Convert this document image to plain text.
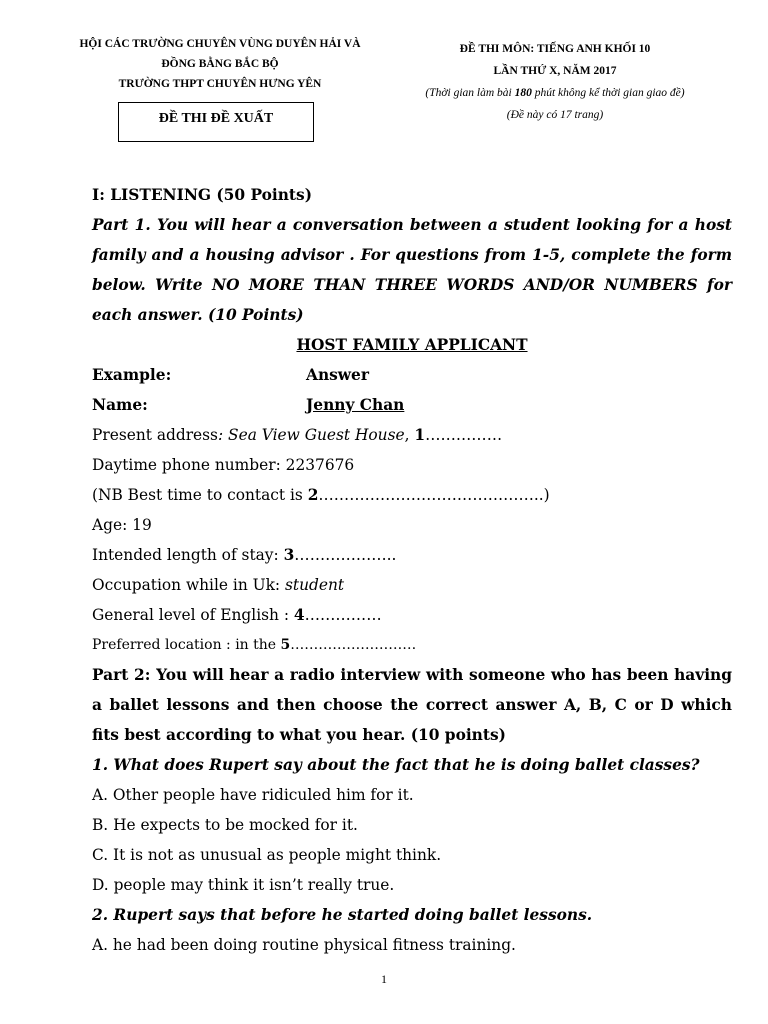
HỘI CÁC TRƯỜNG CHUYÊN VÙNG DUYÊN HẢI VÀ
ĐỒNG BẰNG BẮC BỘ
TRƯỜNG THPT CHUYÊN HƯNG YÊN
ĐỀ THI ĐỀ XUẤT
ĐỀ THI MÔN: TIẾNG ANH KHỐI 10
LẦN THỨ X, NĂM 2017
(Thời gian làm bài 180 phút không kể thời gian giao đề)
(Đề này có 17 trang)

I: LISTENING (50 Points)

Part 1. You will hear a conversation between a student looking for a host family and a housing advisor . For questions from 1-5, complete the form below. Write NO MORE THAN THREE WORDS AND/OR NUMBERS for each answer. (10 Points)

HOST FAMILY APPLICANT

Example:	Answer
Name:	Jenny Chan

Present address: Sea View Guest House, 1……………

Daytime phone number: 2237676

(NB Best time to contact is 2……………………………………..)

Age: 19

Intended length of stay: 3………………..

Occupation while in Uk: student

General level of English : 4……………

Preferred location : in the 5………………………

Part 2: You will hear a radio interview with someone who has been having a ballet lessons and then choose the correct answer A, B, C or D which fits best according to what you hear. (10 points)

1. What does Rupert say about the fact that he is doing ballet classes?

A. Other people have ridiculed him for it.

B. He expects to be mocked for it.

C. It is not as unusual as people might think.

D. people may think it isn’t really true.

2. Rupert says that before he started doing ballet lessons.

A. he had been doing routine physical fitness training.

1
